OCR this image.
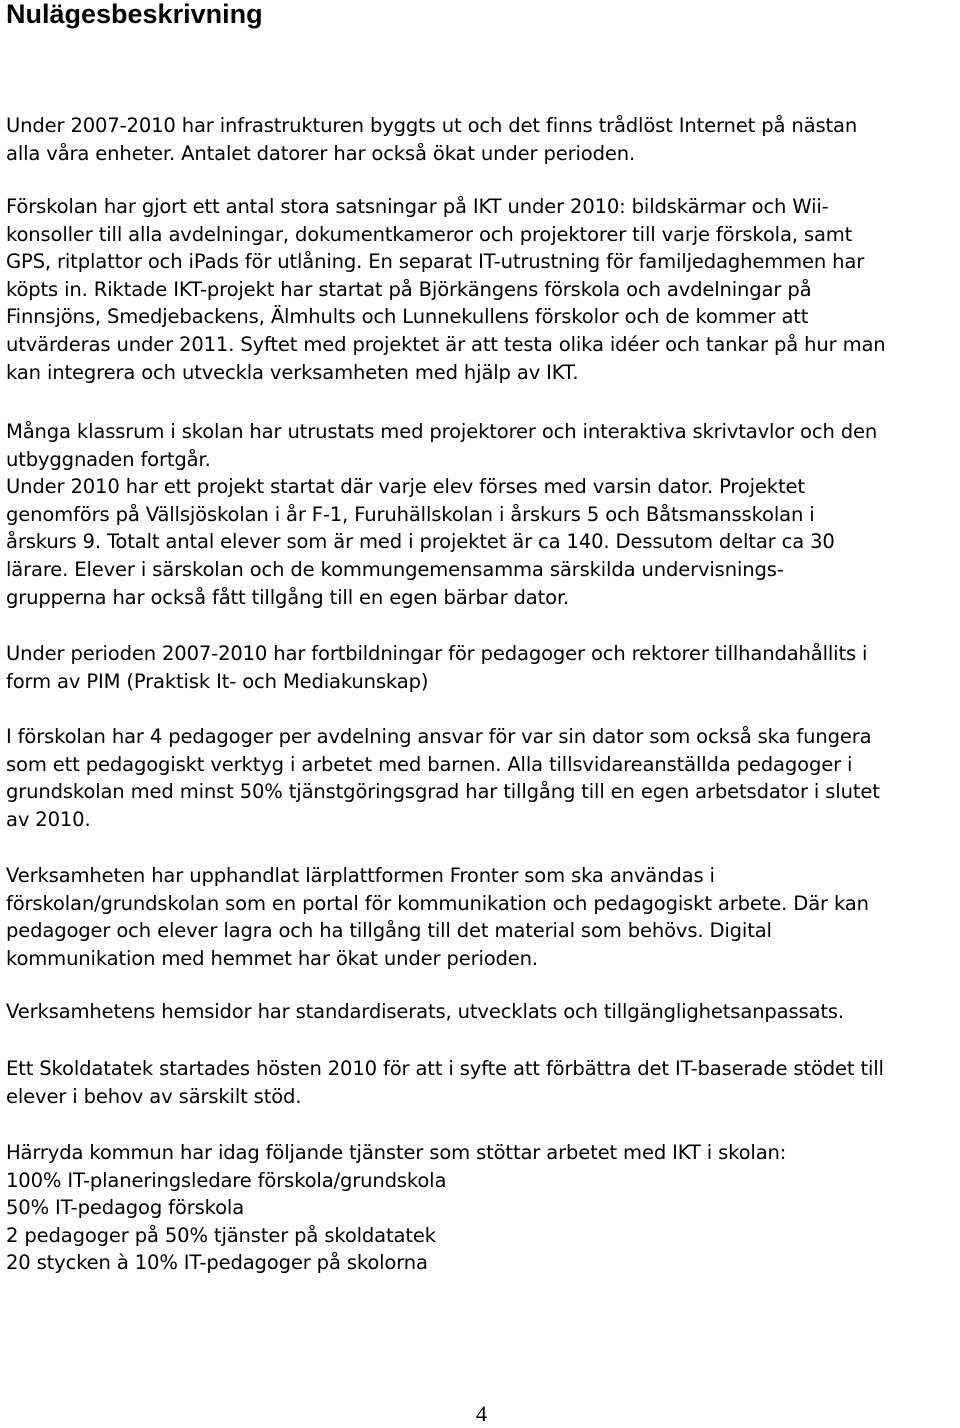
Nulägesbeskrivning
Under 2007-2010 har infrastrukturen byggts ut och det finns trådlöst Internet på nästan
alla våra enheter. Antalet datorer har också ökat under perioden.
Förskolan har gjort ett antal stora satsningar på IKT under 2010: bildskärmar och Wii-
konsoller till alla avdelningar, dokumentkameror och projektorer till varje förskola, samt
GPS, ritplattor och iPads för utlåning. En separat IT-utrustning för familjedaghemmen har
köpts in. Riktade IKT-projekt har startat på Björkängens förskola och avdelningar på
Finnsjöns, Smedjebackens, Älmhults och Lunnekullens förskolor och de kommer att
utvärderas under 2011. Syftet med projektet är att testa olika idéer och tankar på hur man
kan integrera och utveckla verksamheten med hjälp av IKT.
Många klassrum i skolan har utrustats med projektorer och interaktiva skrivtavlor och den
utbyggnaden fortgår.
Under 2010 har ett projekt startat där varje elev förses med varsin dator. Projektet
genomförs på Vällsjöskolan i år F-1, Furuhällskolan i årskurs 5 och Båtsmansskolan i
årskurs 9. Totalt antal elever som är med i projektet är ca 140. Dessutom deltar ca 30
lärare. Elever i särskolan och de kommungemensamma särskilda undervisnings-
grupperna har också fått tillgång till en egen bärbar dator.
Under perioden 2007-2010 har fortbildningar för pedagoger och rektorer tillhandahållits i
form av PIM (Praktisk It- och Mediakunskap)
I förskolan har 4 pedagoger per avdelning ansvar för var sin dator som också ska fungera
som ett pedagogiskt verktyg i arbetet med barnen. Alla tillsvidareanställda pedagoger i
grundskolan med minst 50% tjänstgöringsgrad har tillgång till en egen arbetsdator i slutet
av 2010.
Verksamheten har upphandlat lärplattformen Fronter som ska användas i
förskolan/grundskolan som en portal för kommunikation och pedagogiskt arbete. Där kan
pedagoger och elever lagra och ha tillgång till det material som behövs. Digital
kommunikation med hemmet har ökat under perioden.
Verksamhetens hemsidor har standardiserats, utvecklats och tillgänglighetsanpassats.
Ett Skoldatatek startades hösten 2010 för att i syfte att förbättra det IT-baserade stödet till
elever i behov av särskilt stöd.
Härryda kommun har idag följande tjänster som stöttar arbetet med IKT i skolan:
100% IT-planeringsledare förskola/grundskola
50% IT-pedagog förskola
2 pedagoger på 50% tjänster på skoldatatek
20 stycken à 10% IT-pedagoger på skolorna
4
